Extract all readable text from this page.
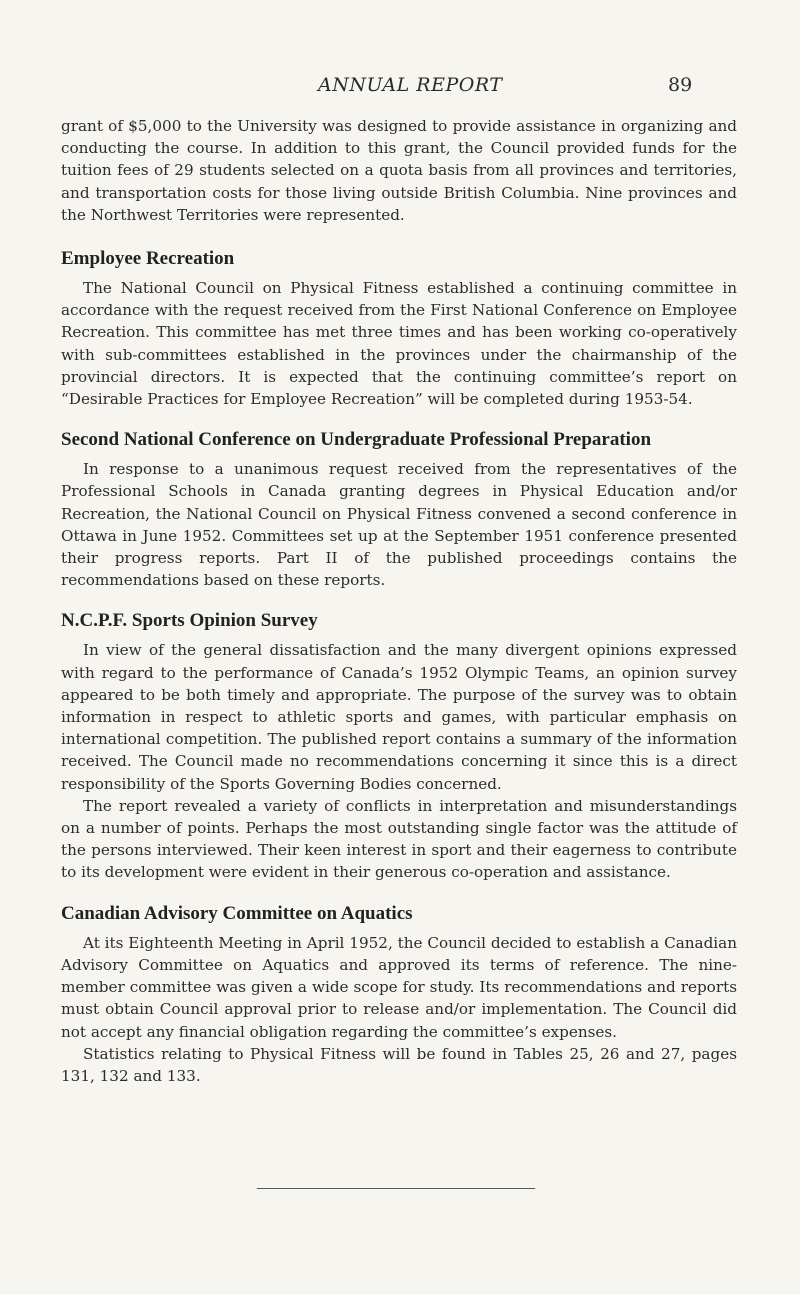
ANNUAL REPORT	89

grant of $5,000 to the University was designed to provide assistance in organizing and conducting the course. In addition to this grant, the Council provided funds for the tuition fees of 29 students selected on a quota basis from all provinces and territories, and transportation costs for those living outside British Columbia. Nine provinces and the Northwest Territories were represented.

Employee Recreation

The National Council on Physical Fitness established a continuing committee in accordance with the request received from the First National Conference on Employee Recreation. This committee has met three times and has been working co-operatively with sub-committees established in the provinces under the chairmanship of the provincial directors. It is expected that the continuing committee’s report on “Desirable Practices for Employee Recreation” will be completed during 1953-54.

Second National Conference on Undergraduate Professional Preparation

In response to a unanimous request received from the representatives of the Professional Schools in Canada granting degrees in Physical Education and/or Recreation, the National Council on Physical Fitness convened a second conference in Ottawa in June 1952. Committees set up at the September 1951 conference presented their progress reports. Part II of the published proceedings contains the recommendations based on these reports.

N.C.P.F. Sports Opinion Survey

In view of the general dissatisfaction and the many divergent opinions expressed with regard to the performance of Canada’s 1952 Olympic Teams, an opinion survey appeared to be both timely and appropriate. The purpose of the survey was to obtain information in respect to athletic sports and games, with particular emphasis on international competition. The published report contains a summary of the information received. The Council made no recommendations concerning it since this is a direct responsibility of the Sports Governing Bodies concerned.

The report revealed a variety of conflicts in interpretation and misunderstandings on a number of points. Perhaps the most outstanding single factor was the attitude of the persons interviewed. Their keen interest in sport and their eagerness to contribute to its development were evident in their generous co-operation and assistance.

Canadian Advisory Committee on Aquatics

At its Eighteenth Meeting in April 1952, the Council decided to establish a Canadian Advisory Committee on Aquatics and approved its terms of reference. The nine-member committee was given a wide scope for study. Its recommendations and reports must obtain Council approval prior to release and/or implementation. The Council did not accept any financial obligation regarding the committee’s expenses.

Statistics relating to Physical Fitness will be found in Tables 25, 26 and 27, pages 131, 132 and 133.
